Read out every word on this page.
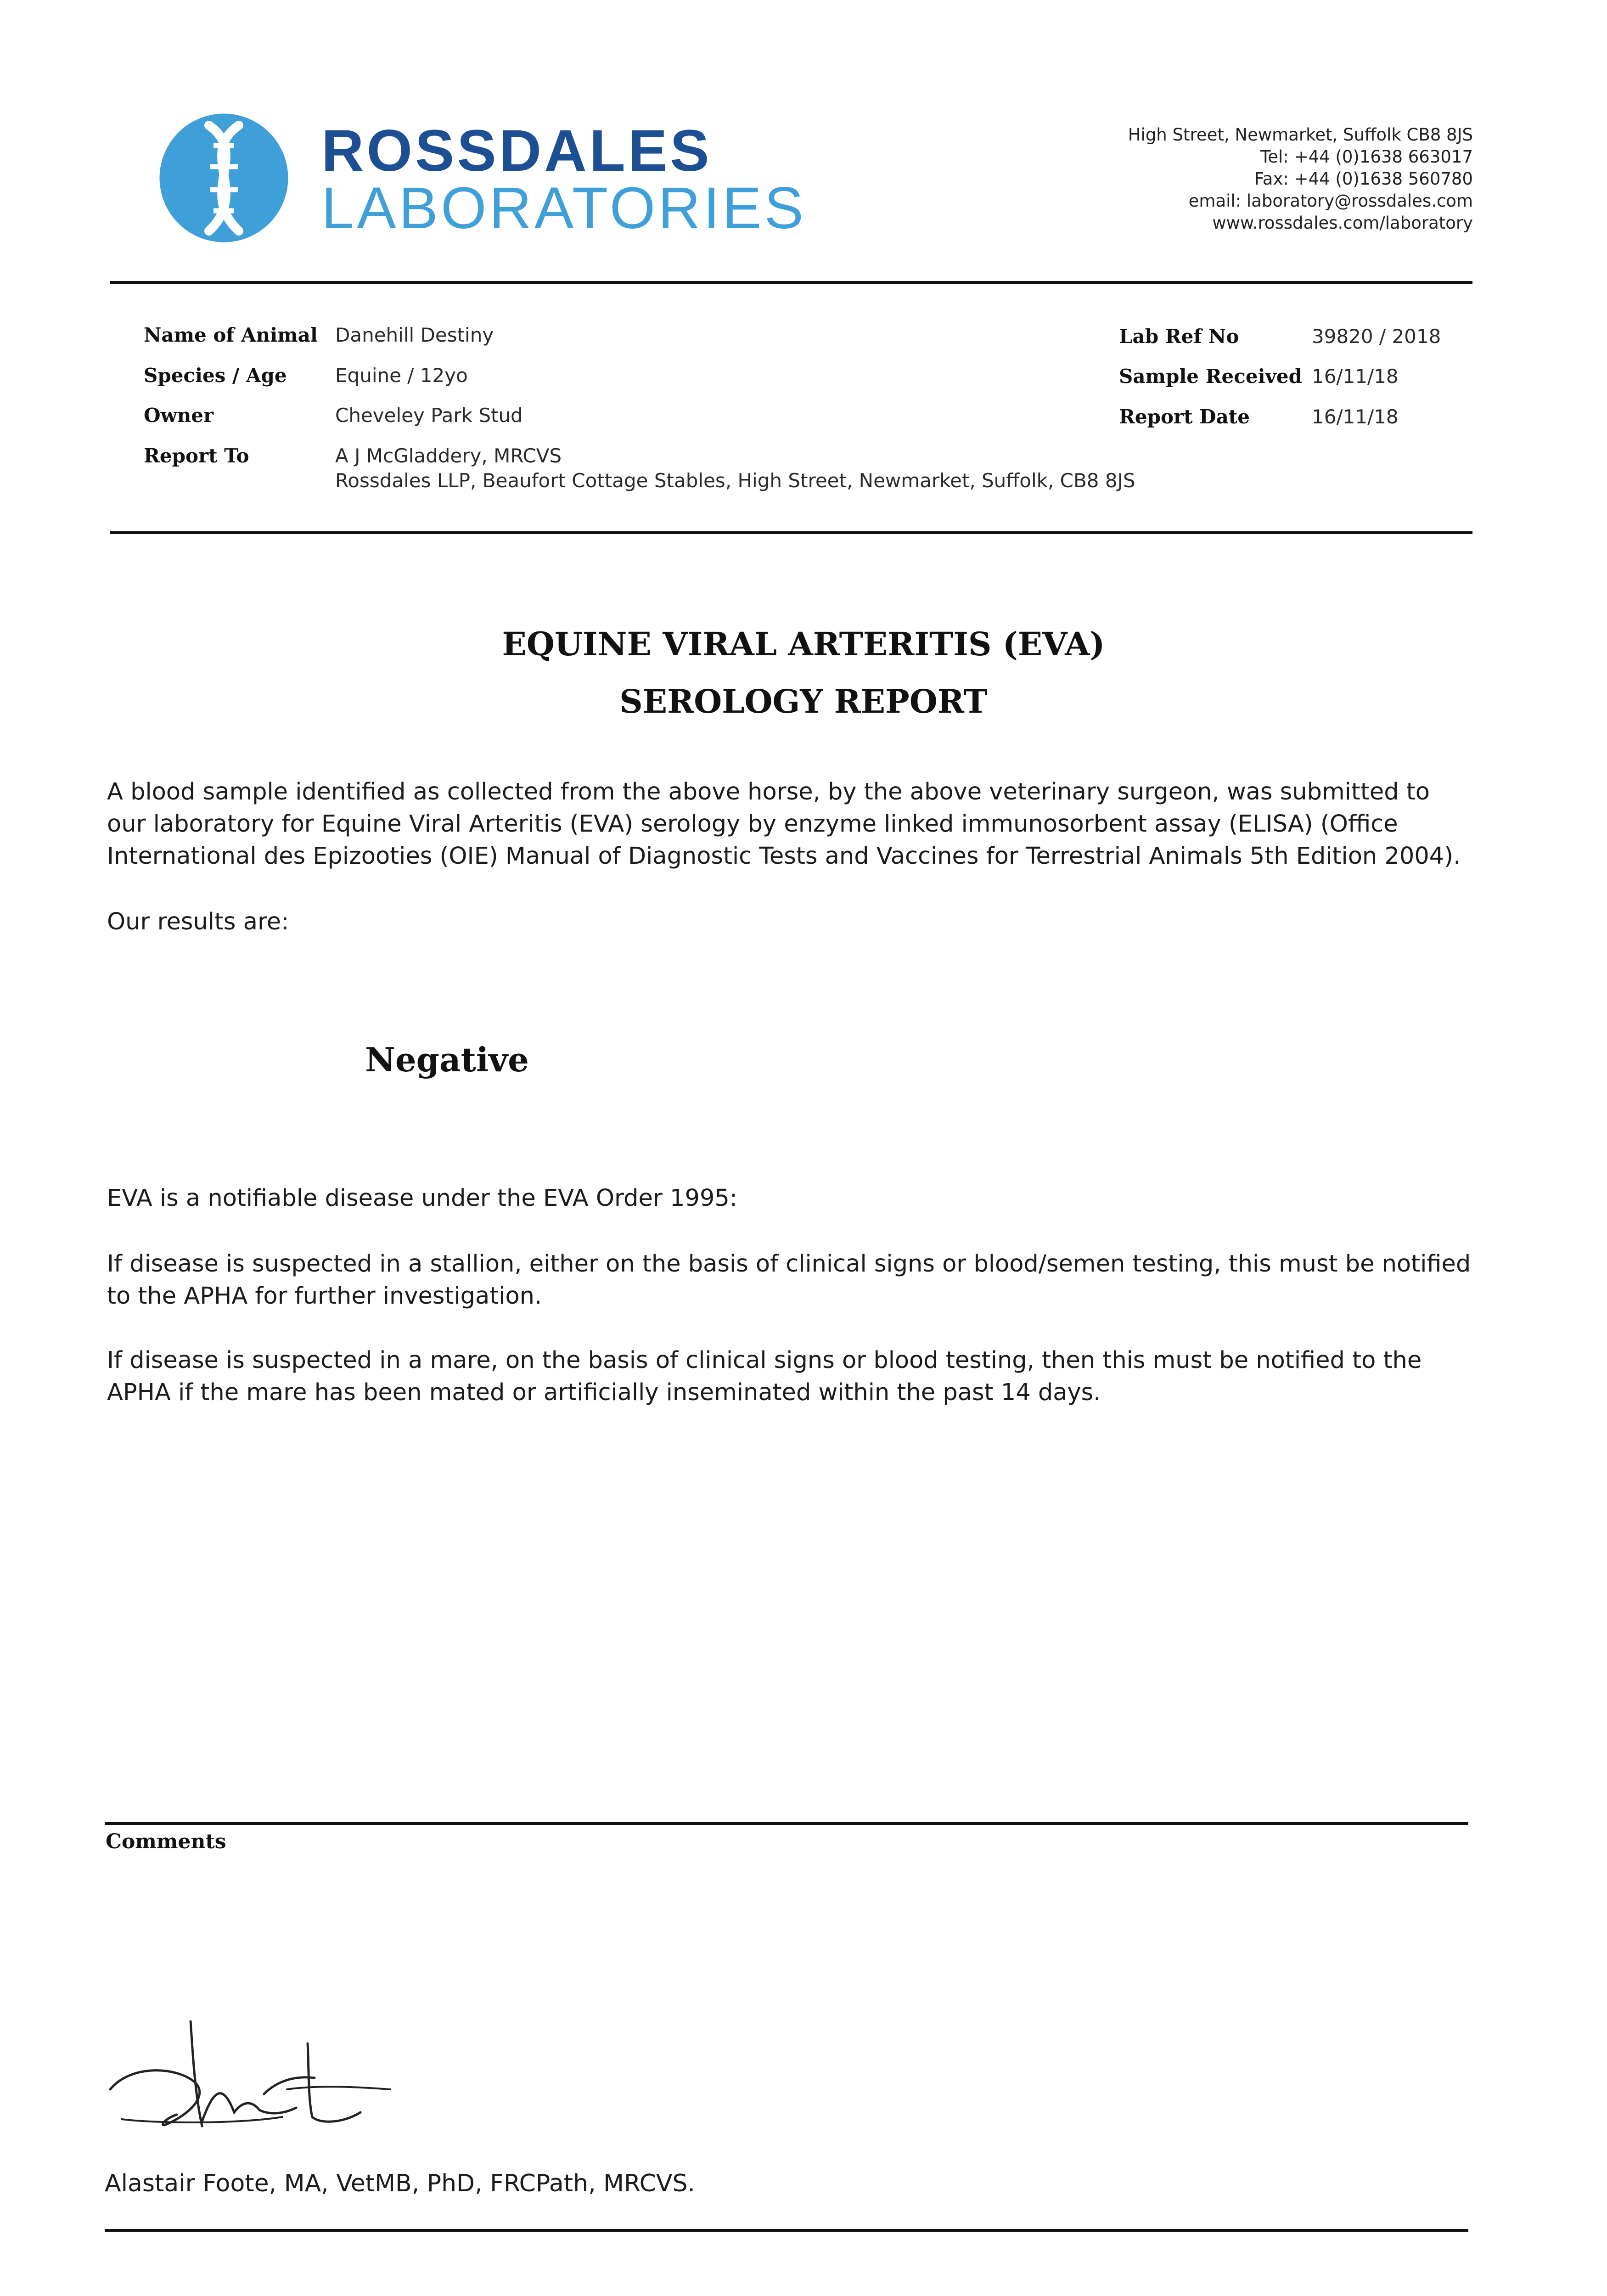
ROSSDALES
LABORATORIES
High Street, Newmarket, Suffolk CB8 8JS
Tel: +44 (0)1638 663017
Fax: +44 (0)1638 560780
email: laboratory@rossdales.com
www.rossdales.com/laboratory
Name of Animal Danehill Destiny
Species / Age	Equine / 12yo
Owner	Cheveley Park Stud
Report To	A J McGladdery, MRCVS
Rossdales LLP, Beaufort Cottage Stables, High Street, Newmarket, Suffolk, CB8 8JS
Lab Ref No	39820 / 2018
Sample Received 16/11/18
Report Date	16/11/18
EQUINE VIRAL ARTERITIS (EVA)
SEROLOGY REPORT
A blood sample identified as collected from the above horse, by the above veterinary surgeon, was submitted to our laboratory for Equine Viral Arteritis (EVA) serology by enzyme linked immunosorbent assay (ELISA) (Office International des Epizooties (OIE) Manual of Diagnostic Tests and Vaccines for Terrestrial Animals 5th Edition 2004).
Our results are:
Negative
EVA is a notifiable disease under the EVA Order 1995:
If disease is suspected in a stallion, either on the basis of clinical signs or blood/semen testing, this must be notified to the APHA for further investigation.
If disease is suspected in a mare, on the basis of clinical signs or blood testing, then this must be notified to the APHA if the mare has been mated or artificially inseminated within the past 14 days.
Comments
Alastair Foote, MA, VetMB, PhD, FRCPath, MRCVS.
